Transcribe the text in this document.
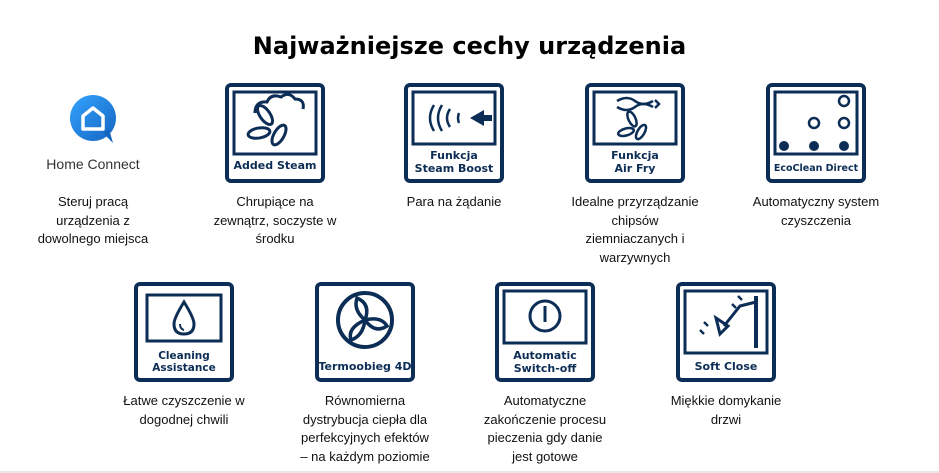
Najważniejsze cechy urządzenia
Home Connect
Steruj pracą
urządzenia z
dowolnego miejsca
Added Steam
Chrupiące na
zewnątrz, soczyste w
środku
Funkcja
Steam Boost
Para na żądanie
Funkcja
Air Fry
Idealne przyrządzanie
chipsów
ziemniaczanych i
warzywnych
EcoClean Direct
Automatyczny system
czyszczenia
Cleaning
Assistance
Łatwe czyszczenie w
dogodnej chwili
Termoobieg 4D
Równomierna
dystrybucja ciepła dla
perfekcyjnych efektów
– na każdym poziomie
Automatic
Switch-off
Automatyczne
zakończenie procesu
pieczenia gdy danie
jest gotowe
Soft Close
Miękkie domykanie
drzwi
